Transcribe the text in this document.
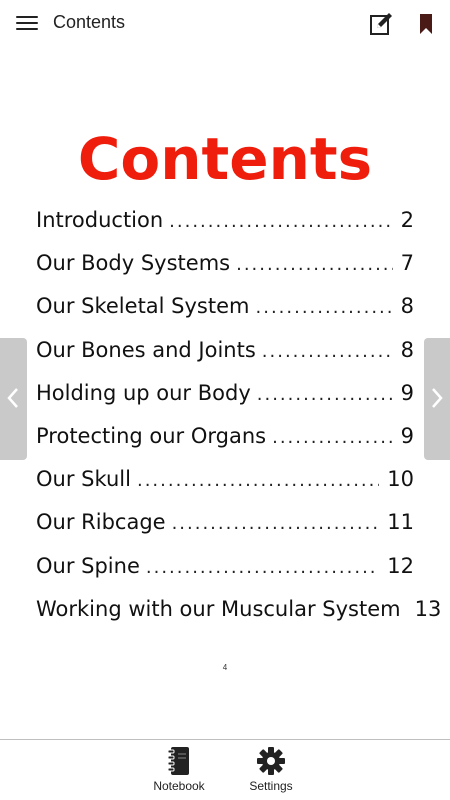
Contents
Contents
Introduction .....	2
Our Body Systems .....	7
Our Skeletal System .....	8
Our Bones and Joints .....	8
Holding up our Body .....	9
Protecting our Organs .....	9
Our Skull .....	10
Our Ribcage .....	11
Our Spine .....	12
Working with our Muscular System 13
4
Notebook	Settings
